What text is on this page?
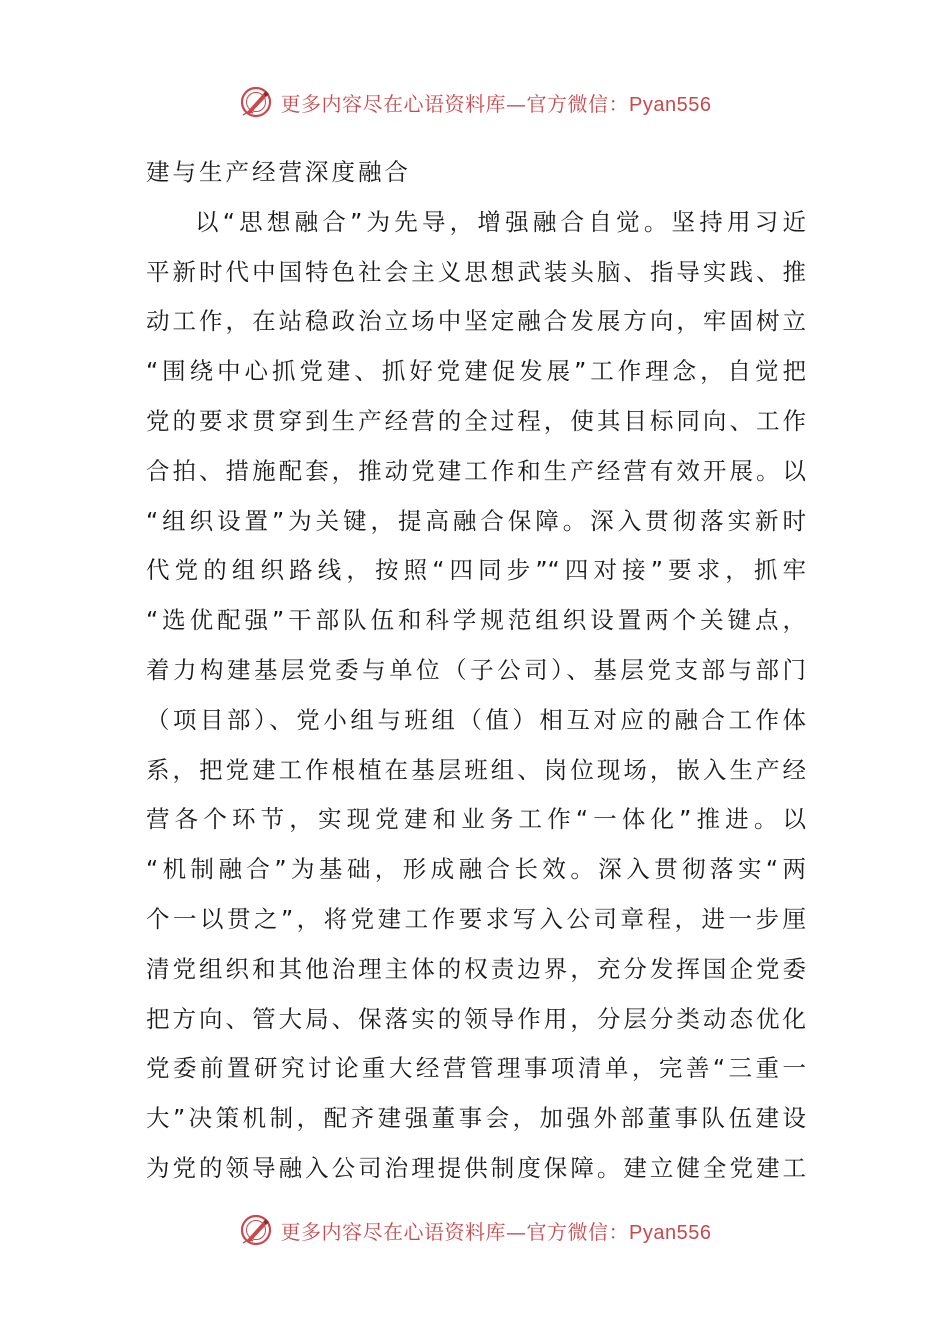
更多内容尽在心语资料库—官方微信：Pyan556
建与生产经营深度融合
以“思想融合”为先导，增强融合自觉。坚持用习近
平新时代中国特色社会主义思想武装头脑、指导实践、推
动工作，在站稳政治立场中坚定融合发展方向，牢固树立
“围绕中心抓党建、抓好党建促发展”工作理念，自觉把
党的要求贯穿到生产经营的全过程，使其目标同向、工作
合拍、措施配套，推动党建工作和生产经营有效开展。以
“组织设置”为关键，提高融合保障。深入贯彻落实新时
代党的组织路线，按照“四同步”“四对接”要求，抓牢
“选优配强”干部队伍和科学规范组织设置两个关键点，
着力构建基层党委与单位（子公司）、基层党支部与部门
（项目部）、党小组与班组（值）相互对应的融合工作体
系，把党建工作根植在基层班组、岗位现场，嵌入生产经
营各个环节，实现党建和业务工作“一体化”推进。以
“机制融合”为基础，形成融合长效。深入贯彻落实“两
个一以贯之”，将党建工作要求写入公司章程，进一步厘
清党组织和其他治理主体的权责边界，充分发挥国企党委
把方向、管大局、保落实的领导作用，分层分类动态优化
党委前置研究讨论重大经营管理事项清单，完善“三重一
大”决策机制，配齐建强董事会，加强外部董事队伍建设
为党的领导融入公司治理提供制度保障。建立健全党建工
更多内容尽在心语资料库—官方微信：Pyan556
